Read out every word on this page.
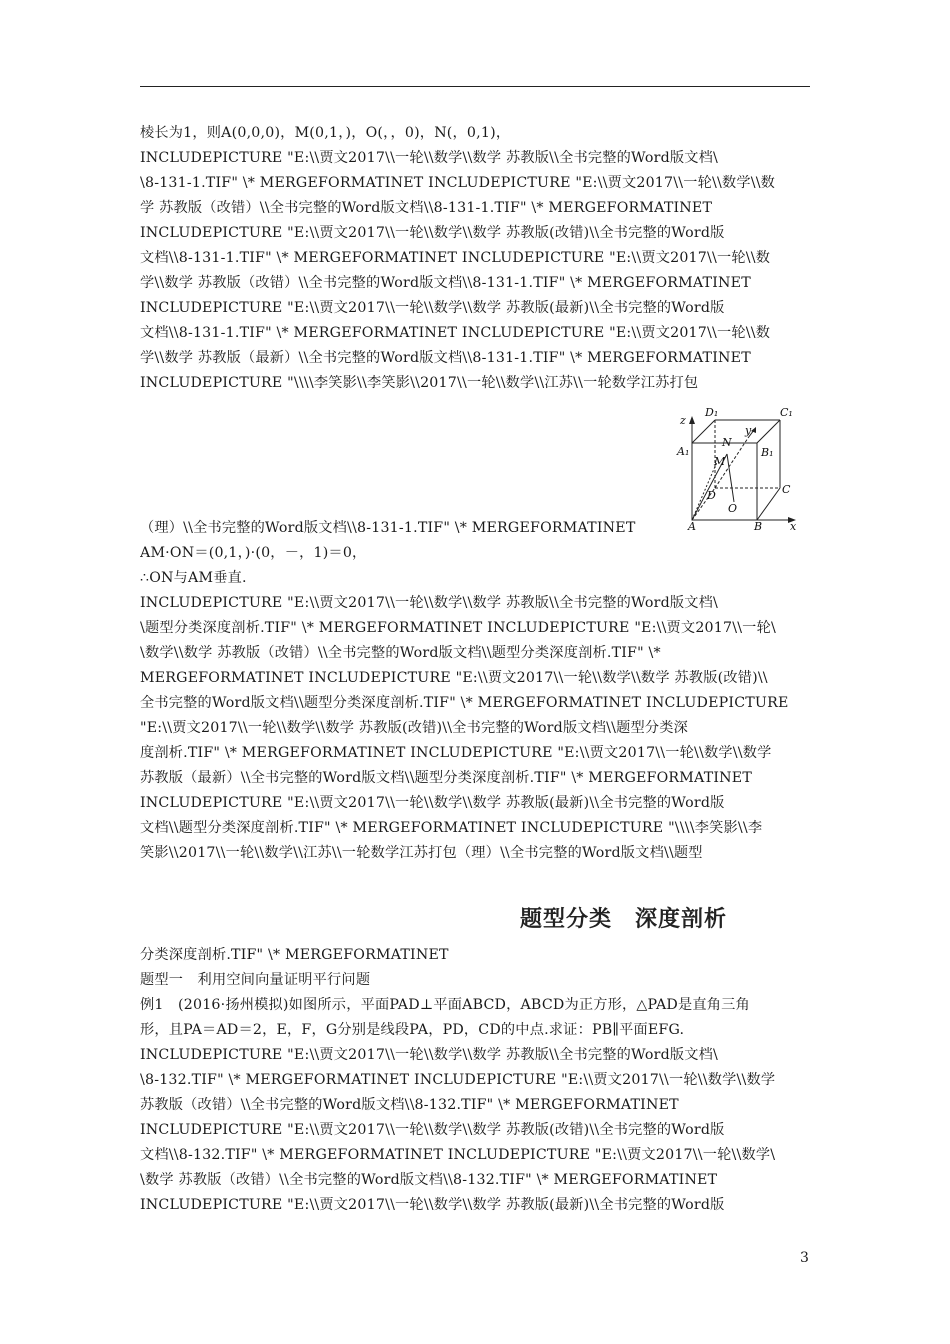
棱长为1，则A(0,0,0)，M(0,1，)，O(，，0)，N(，0,1)，
INCLUDEPICTURE "E:\\贾文2017\\一轮\\数学\\数学 苏教版\\全书完整的Word版文档\
\8-131-1.TIF" \* MERGEFORMATINET INCLUDEPICTURE "E:\\贾文2017\\一轮\\数学\\数
学 苏教版（改错）\\全书完整的Word版文档\\8-131-1.TIF" \* MERGEFORMATINET
INCLUDEPICTURE "E:\\贾文2017\\一轮\\数学\\数学 苏教版(改错)\\全书完整的Word版
文档\\8-131-1.TIF" \* MERGEFORMATINET INCLUDEPICTURE "E:\\贾文2017\\一轮\\数
学\\数学 苏教版（改错）\\全书完整的Word版文档\\8-131-1.TIF" \* MERGEFORMATINET
INCLUDEPICTURE "E:\\贾文2017\\一轮\\数学\\数学 苏教版(最新)\\全书完整的Word版
文档\\8-131-1.TIF" \* MERGEFORMATINET INCLUDEPICTURE "E:\\贾文2017\\一轮\\数
学\\数学 苏教版（最新）\\全书完整的Word版文档\\8-131-1.TIF" \* MERGEFORMATINET
INCLUDEPICTURE "\\\\李笑影\\李笑影\\2017\\一轮\\数学\\江苏\\一轮数学江苏打包
z
D₁	C₁
A₁	B₁
N
y
M
D	C
O
A	B	x
（理）\\全书完整的Word版文档\\8-131-1.TIF" \* MERGEFORMATINET
AM·ON＝(0,1，)·(0，－，1)＝0，
∴ON与AM垂直.
INCLUDEPICTURE "E:\\贾文2017\\一轮\\数学\\数学 苏教版\\全书完整的Word版文档\
\题型分类深度剖析.TIF" \* MERGEFORMATINET INCLUDEPICTURE "E:\\贾文2017\\一轮\
\数学\\数学 苏教版（改错）\\全书完整的Word版文档\\题型分类深度剖析.TIF" \*
MERGEFORMATINET INCLUDEPICTURE "E:\\贾文2017\\一轮\\数学\\数学 苏教版(改错)\\
全书完整的Word版文档\\题型分类深度剖析.TIF" \* MERGEFORMATINET INCLUDEPICTURE
"E:\\贾文2017\\一轮\\数学\\数学 苏教版(改错)\\全书完整的Word版文档\\题型分类深
度剖析.TIF" \* MERGEFORMATINET INCLUDEPICTURE "E:\\贾文2017\\一轮\\数学\\数学
苏教版（最新）\\全书完整的Word版文档\\题型分类深度剖析.TIF" \* MERGEFORMATINET
INCLUDEPICTURE "E:\\贾文2017\\一轮\\数学\\数学 苏教版(最新)\\全书完整的Word版
文档\\题型分类深度剖析.TIF" \* MERGEFORMATINET INCLUDEPICTURE "\\\\李笑影\\李
笑影\\2017\\一轮\\数学\\江苏\\一轮数学江苏打包（理）\\全书完整的Word版文档\\题型
题型分类　深度剖析
分类深度剖析.TIF" \* MERGEFORMATINET
题型一　利用空间向量证明平行问题
例1　(2016·扬州模拟)如图所示，平面PAD⊥平面ABCD，ABCD为正方形，△PAD是直角三角
形，且PA＝AD＝2，E，F，G分别是线段PA，PD，CD的中点.求证：PB∥平面EFG.
INCLUDEPICTURE "E:\\贾文2017\\一轮\\数学\\数学 苏教版\\全书完整的Word版文档\
\8-132.TIF" \* MERGEFORMATINET INCLUDEPICTURE "E:\\贾文2017\\一轮\\数学\\数学
苏教版（改错）\\全书完整的Word版文档\\8-132.TIF" \* MERGEFORMATINET
INCLUDEPICTURE "E:\\贾文2017\\一轮\\数学\\数学 苏教版(改错)\\全书完整的Word版
文档\\8-132.TIF" \* MERGEFORMATINET INCLUDEPICTURE "E:\\贾文2017\\一轮\\数学\
\数学 苏教版（改错）\\全书完整的Word版文档\\8-132.TIF" \* MERGEFORMATINET
INCLUDEPICTURE "E:\\贾文2017\\一轮\\数学\\数学 苏教版(最新)\\全书完整的Word版
3
